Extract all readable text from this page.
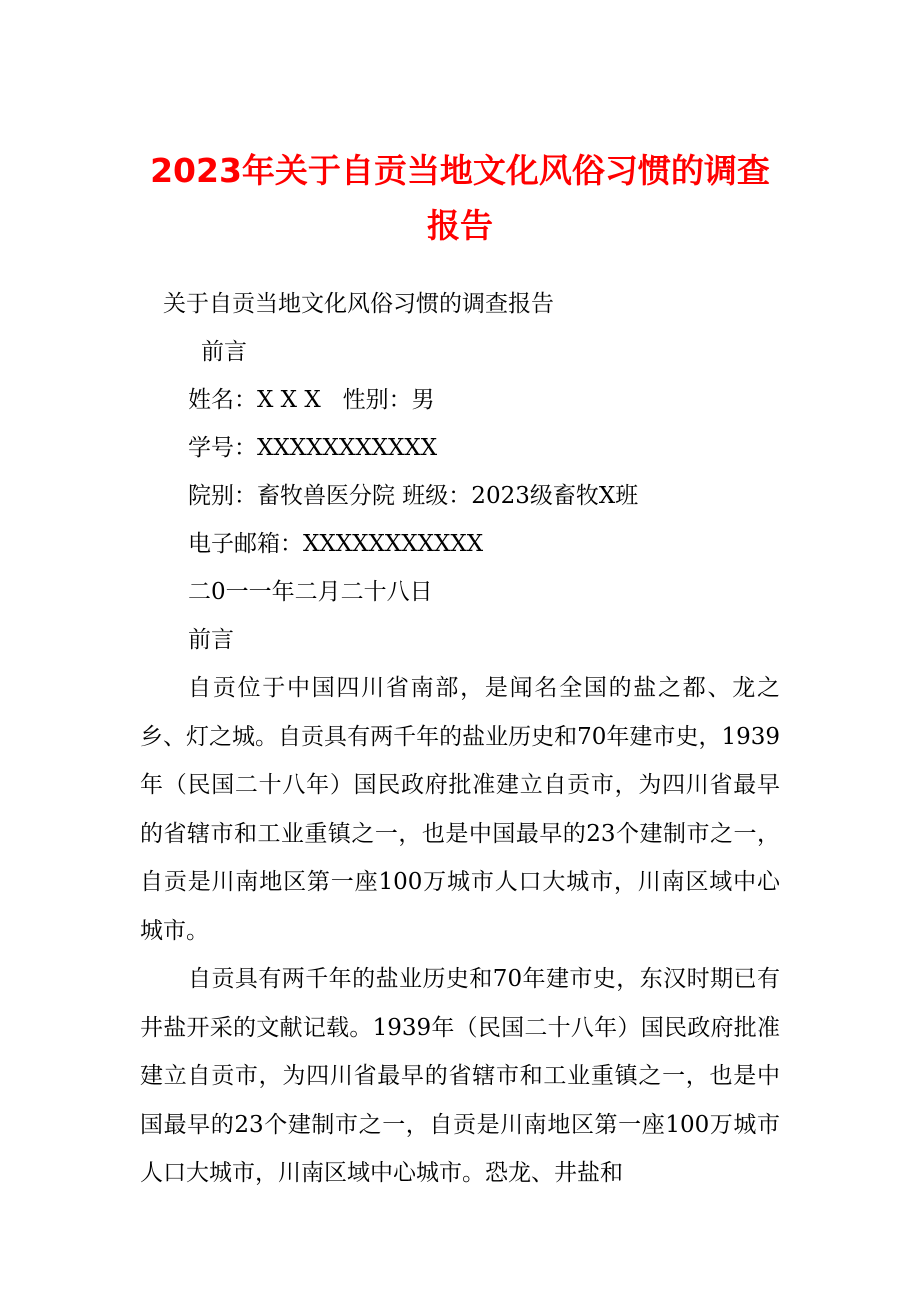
2023年关于自贡当地文化风俗习惯的调查
报告

关于自贡当地文化风俗习惯的调查报告

前言

姓名：X X X   性别：男

学号：XXXXXXXXXXX

院别：畜牧兽医分院 班级：2023级畜牧X班

电子邮箱：XXXXXXXXXXX

二0一一年二月二十八日

前言

自贡位于中国四川省南部，是闻名全国的盐之都、龙之乡、灯之城。自贡具有两千年的盐业历史和70年建市史，1939年（民国二十八年）国民政府批准建立自贡市，为四川省最早的省辖市和工业重镇之一，也是中国最早的23个建制市之一，自贡是川南地区第一座100万城市人口大城市，川南区域中心城市。

自贡具有两千年的盐业历史和70年建市史，东汉时期已有井盐开采的文献记载。1939年（民国二十八年）国民政府批准建立自贡市，为四川省最早的省辖市和工业重镇之一，也是中国最早的23个建制市之一，自贡是川南地区第一座100万城市人口大城市，川南区域中心城市。恐龙、井盐和
